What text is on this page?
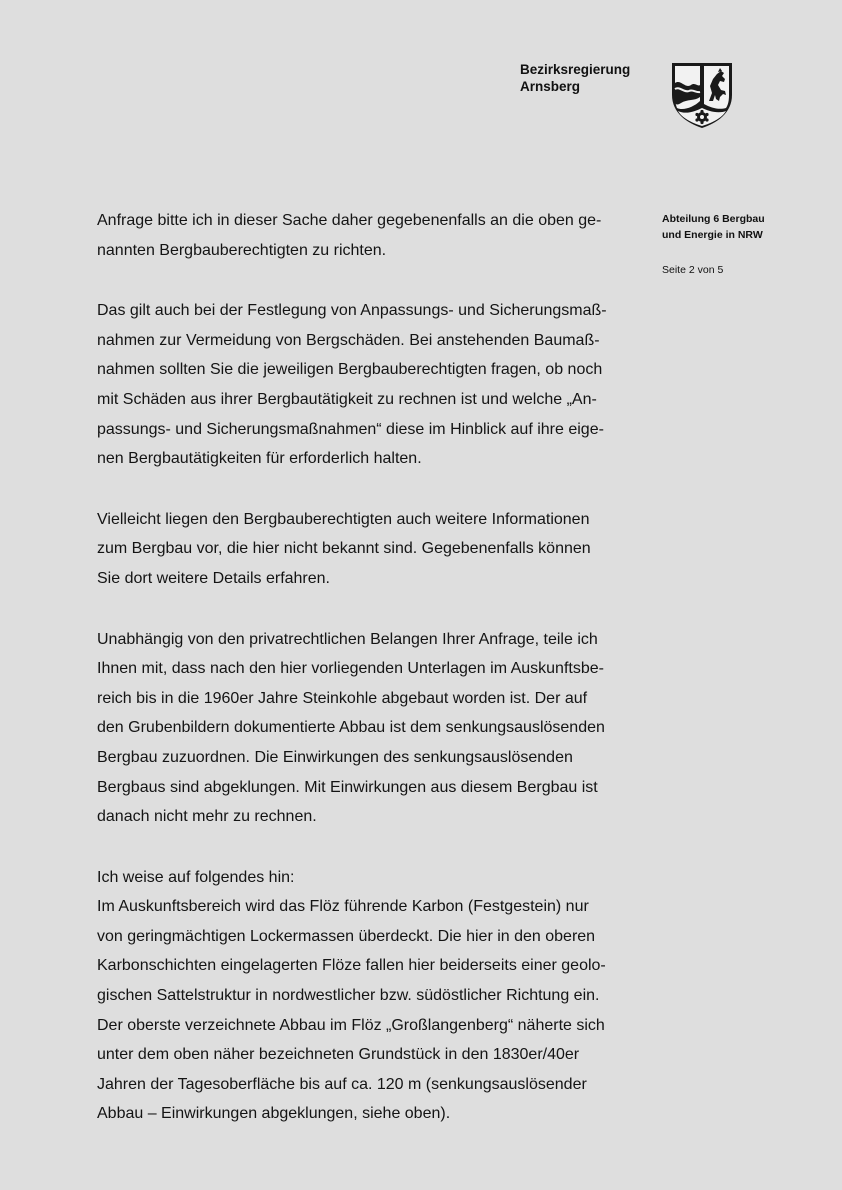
Bezirksregierung
Arnsberg
Abteilung 6 Bergbau
und Energie in NRW
Seite 2 von 5
Anfrage bitte ich in dieser Sache daher gegebenenfalls an die oben ge-
nannten Bergbauberechtigten zu richten.
Das gilt auch bei der Festlegung von Anpassungs- und Sicherungsmaß-
nahmen zur Vermeidung von Bergschäden. Bei anstehenden Baumaß-
nahmen sollten Sie die jeweiligen Bergbauberechtigten fragen, ob noch
mit Schäden aus ihrer Bergbautätigkeit zu rechnen ist und welche „An-
passungs- und Sicherungsmaßnahmen“ diese im Hinblick auf ihre eige-
nen Bergbautätigkeiten für erforderlich halten.
Vielleicht liegen den Bergbauberechtigten auch weitere Informationen
zum Bergbau vor, die hier nicht bekannt sind. Gegebenenfalls können
Sie dort weitere Details erfahren.
Unabhängig von den privatrechtlichen Belangen Ihrer Anfrage, teile ich
Ihnen mit, dass nach den hier vorliegenden Unterlagen im Auskunftsbe-
reich bis in die 1960er Jahre Steinkohle abgebaut worden ist. Der auf
den Grubenbildern dokumentierte Abbau ist dem senkungsauslösenden
Bergbau zuzuordnen. Die Einwirkungen des senkungsauslösenden
Bergbaus sind abgeklungen. Mit Einwirkungen aus diesem Bergbau ist
danach nicht mehr zu rechnen.
Ich weise auf folgendes hin:
Im Auskunftsbereich wird das Flöz führende Karbon (Festgestein) nur
von geringmächtigen Lockermassen überdeckt. Die hier in den oberen
Karbonschichten eingelagerten Flöze fallen hier beiderseits einer geolo-
gischen Sattelstruktur in nordwestlicher bzw. südöstlicher Richtung ein.
Der oberste verzeichnete Abbau im Flöz „Großlangenberg“ näherte sich
unter dem oben näher bezeichneten Grundstück in den 1830er/40er
Jahren der Tagesoberfläche bis auf ca. 120 m (senkungsauslösender
Abbau – Einwirkungen abgeklungen, siehe oben).
